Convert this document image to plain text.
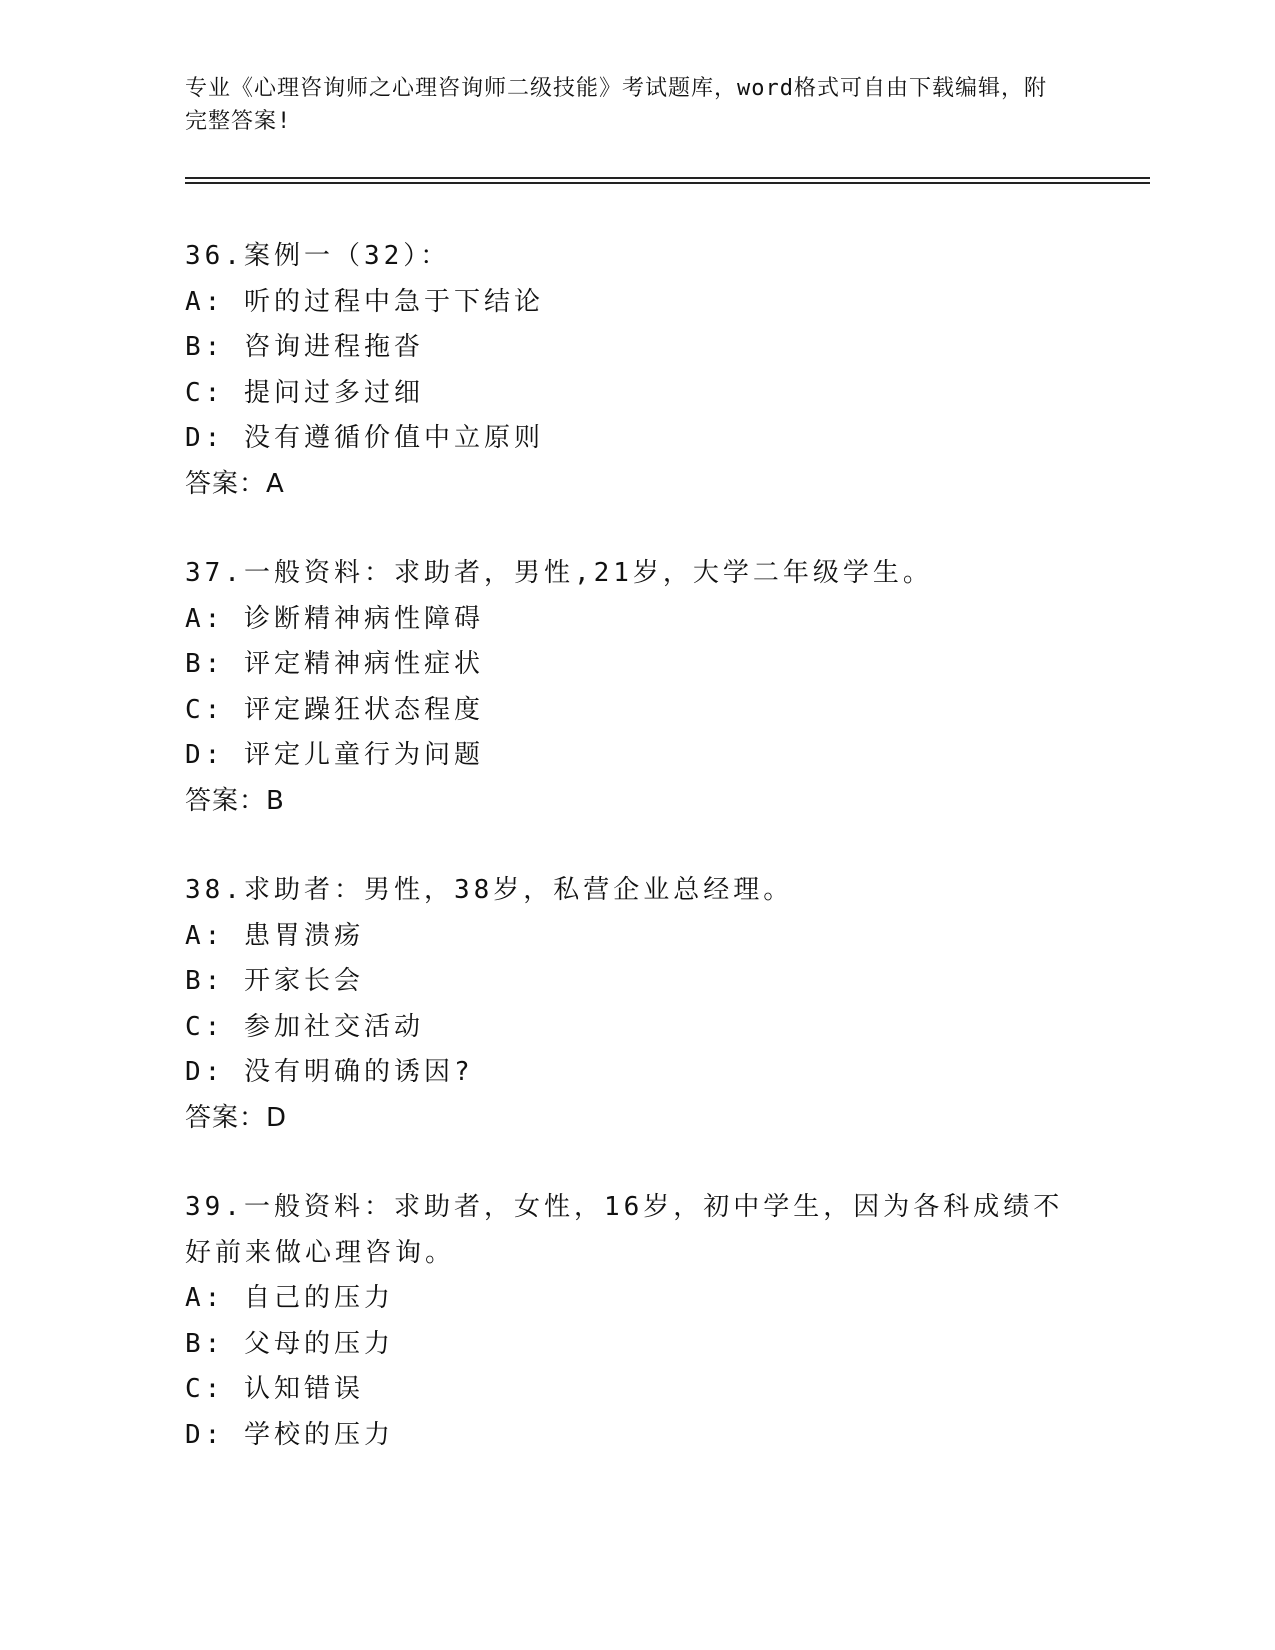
专业《心理咨询师之心理咨询师二级技能》考试题库，word格式可自由下载编辑，附完整答案!
36.案例一（32）：
A: 听的过程中急于下结论
B: 咨询进程拖沓
C: 提问过多过细
D: 没有遵循价值中立原则
答案：A
37.一般资料：求助者，男性,21岁，大学二年级学生。
A: 诊断精神病性障碍
B: 评定精神病性症状
C: 评定躁狂状态程度
D: 评定儿童行为问题
答案：B
38.求助者：男性，38岁，私营企业总经理。
A: 患胃溃疡
B: 开家长会
C: 参加社交活动
D: 没有明确的诱因?
答案：D
39.一般资料：求助者，女性，16岁，初中学生，因为各科成绩不好前来做心理咨询。
A: 自己的压力
B: 父母的压力
C: 认知错误
D: 学校的压力
